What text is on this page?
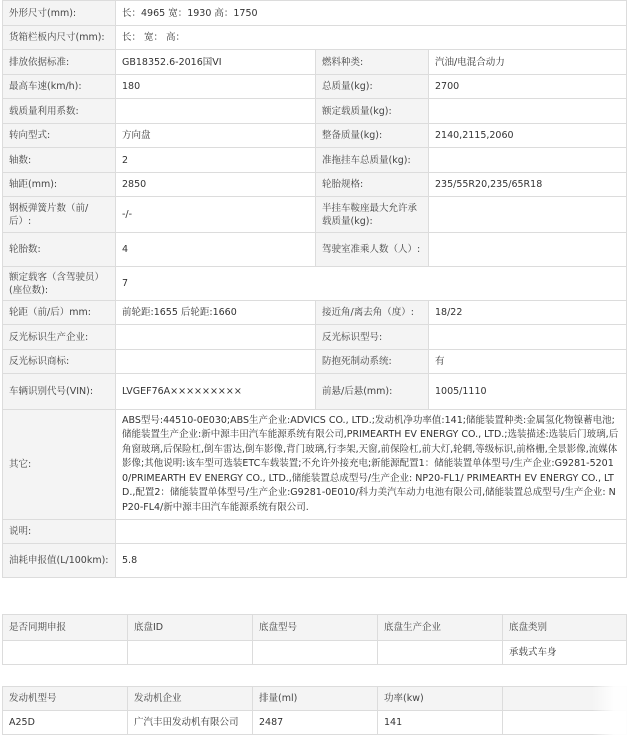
外形尺寸(mm):	长：4965 宽：1930 高：1750		
货箱栏板内尺寸(mm):	长： 宽： 高：		
排放依据标准:	GB18352.6-2016国VI	燃料种类:	汽油/电混合动力
最高车速(km/h):	180	总质量(kg):	2700
载质量利用系数:		额定载质量(kg):	
转向型式:	方向盘	整备质量(kg):	2140,2115,2060
轴数:	2	准拖挂车总质量(kg):	
轴距(mm):	2850	轮胎规格:	235/55R20,235/65R18
钢板弹簧片数（前/后）:	-/-	半挂车鞍座最大允许承载质量(kg):	
轮胎数:	4	驾驶室准乘人数（人）:	
额定载客（含驾驶员）(座位数):	7		
轮距（前/后）mm:	前轮距:1655 后轮距:1660	接近角/离去角（度）:	18/22
反光标识生产企业:		反光标识型号:	
反光标识商标:		防抱死制动系统:	有
车辆识别代号(VIN):	LVGEF76A×××××××××	前悬/后悬(mm):	1005/1110
其它:	ABS型号:44510-0E030;ABS生产企业:ADVICS CO., LTD.;发动机净功率值:141;储能装置种类:金属氢化物镍蓄电池;储能装置生产企业:新中源丰田汽车能源系统有限公司,PRIMEARTH EV ENERGY CO., LTD.;选装描述:选装后门玻璃,后角窗玻璃,后保险杠,倒车雷达,倒车影像,背门玻璃,行李架,天窗,前保险杠,前大灯,轮辋,等级标识,前格栅,全景影像,流媒体影像;其他说明:该车型可选装ETC车载装置;不允许外接充电;新能源配置1：储能装置单体型号/生产企业:G9281-52010/PRIMEARTH EV ENERGY CO., LTD.,储能装置总成型号/生产企业: NP20-FL1/ PRIMEARTH EV ENERGY CO., LTD.,配置2：储能装置单体型号/生产企业:G9281-0E010/科力美汽车动力电池有限公司,储能装置总成型号/生产企业: NP20-FL4/新中源丰田汽车能源系统有限公司.		
说明:			
油耗申报值(L/100km):	5.8		
是否同期申报	底盘ID	底盘型号	底盘生产企业	底盘类别
				承载式车身
发动机型号	发动机企业	排量(ml)	功率(kw)	
A25D	广汽丰田发动机有限公司	2487	141	
